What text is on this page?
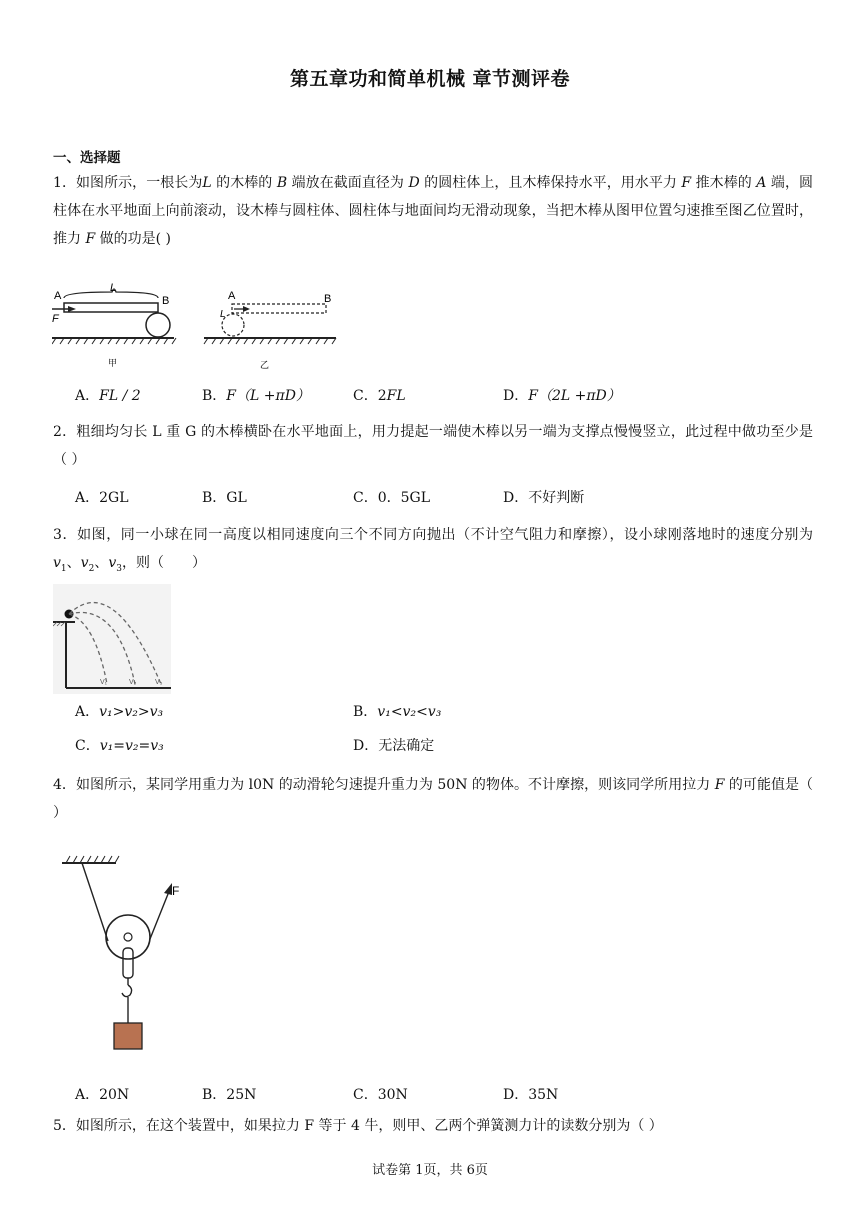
第五章功和简单机械 章节测评卷
一、选择题
1．如图所示，一根长为L 的木棒的 B 端放在截面直径为 D 的圆柱体上，且木棒保持水平，用水平力 F 推木棒的 A 端，圆柱体在水平地面上向前滚动，设木棒与圆柱体、圆柱体与地面间均无滑动现象，当把木棒从图甲位置匀速推至图乙位置时，推力 F 做的功是( )
A
L
B
F
甲
A
L
B
乙
A．FL / 2	B．F（L +πD）	C．2FL	D．F（2L +πD）
2．粗细均匀长 L 重 G 的木棒横卧在水平地面上，用力提起一端使木棒以另一端为支撑点慢慢竖立，此过程中做功至少是　（ ）
A．2GL	B．GL	C．0．5GL	D．不好判断
3．如图，同一小球在同一高度以相同速度向三个不同方向抛出（不计空气阻力和摩擦），设小球刚落地时的速度分别为 $v_1$、$v_2$、$v_3$，则（　　）
V₁	V₂	V₃
A．v₁>v₂>v₃	B．v₁<v₂<v₃
C．v₁=v₂=v₃	D．无法确定
4．如图所示，某同学用重力为 l0N 的动滑轮匀速提升重力为 50N 的物体。不计摩擦，则该同学所用拉力 F 的可能值是（ ）
F
A．20N	B．25N	C．30N	D．35N
5．如图所示，在这个装置中，如果拉力 F 等于 4 牛，则甲、乙两个弹簧测力计的读数分别为（ ）
试卷第 1页，共 6页
